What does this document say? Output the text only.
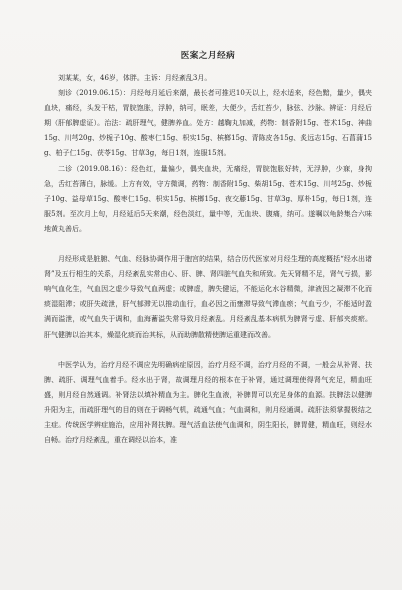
医案之月经病

刘某某，女，46岁，体胖。主诉：月经紊乱3月。

刻诊（2019.06.15）：月经每月延后来潮，最长者可推迟10天以上，经水适来，经色黯，量少，偶夹血块，痛经，头发干枯，胃脘饱胀，浮肿，纳可，眠差，大便少，舌红苔少，脉弦、沙脉。辨证：月经后期（肝郁脾虚证）。治法：疏肝理气，健脾养血。处方：越鞠丸加减，药物：制香附15g、苍术15g、神曲15g、川芎20g、炒栀子10g、酸枣仁15g、枳实15g、槟榔15g、青陈皮各15g、炙远志15g、石菖蒲15g、柏子仁15g、茯苓15g、甘草3g，每日1剂，连服15剂。

二诊（2019.08.16）：经色红，量偏少，偶夹血块，无痛经，胃脘饱胀好转，无浮肿，少寐，身拘急，舌红苔薄白，脉缓。上方有效，守方微调，药物：制香附15g、柴胡15g、苍术15g、川芎25g、炒栀子10g、益母草15g、酸枣仁15g、枳实15g、槟榔15g、夜交藤15g、甘草3g、厚朴15g，每日1剂，连服5剂。至次月上旬，月经延后5天来潮，经色淡红，量中等，无血块、腹痛，纳可。遂嘱以龟龄集合六味地黄丸善后。

月经形成是脏腑、气血、经脉协调作用于胞宫的结果，结合历代医家对月经生理的高度概括“经水出诸肾”及五行相生的关系，月经紊乱实常由心、肝、脾、肾四脏气血失和所致。先天肾精不足，肾气亏损，影响气血化生，气血因之虚少导致气血两虚；或脾虚，脾失健运，不能运化水谷精微，津液因之凝滞不化而痰湿阻滞；或肝失疏泄，肝气郁滞无以推动血行，血必因之而壅滞导致气滞血瘀；气血亏少，不能适时盈满而溢泄，或气血失于调和，血海蓄溢失常导致月经紊乱。月经紊乱基本病机为脾肾亏虚、肝郁夹痰瘀。肝气健脾以治其本，燥湿化痰而治其标，从而助脾散精使脾运重建而改善。

中医学认为，治疗月经不调应先明确病症原因，治疗月经不调，治疗月经的不调，一般会从补肾、扶脾、疏肝、调理气血着手。经水出于肾，故调理月经的根本在于补肾，通过调理使得肾气充足，精血旺盛，则月经自然通调。补肾法以填补精血为主。脾化生血液，补脾胃可以充足身体的血源。扶脾法以健脾升阳为主，而疏肝理气的目的则在于调畅气机，疏通气血；气血调和，则月经通调。疏肝法须掌握极结之主症。传统医学辨症施治，应用补肾扶脾。理气活血法使气血调和，阴生阳长，脾胃健，精血旺，则经水自畅。治疗月经紊乱，重在调经以治本，准
